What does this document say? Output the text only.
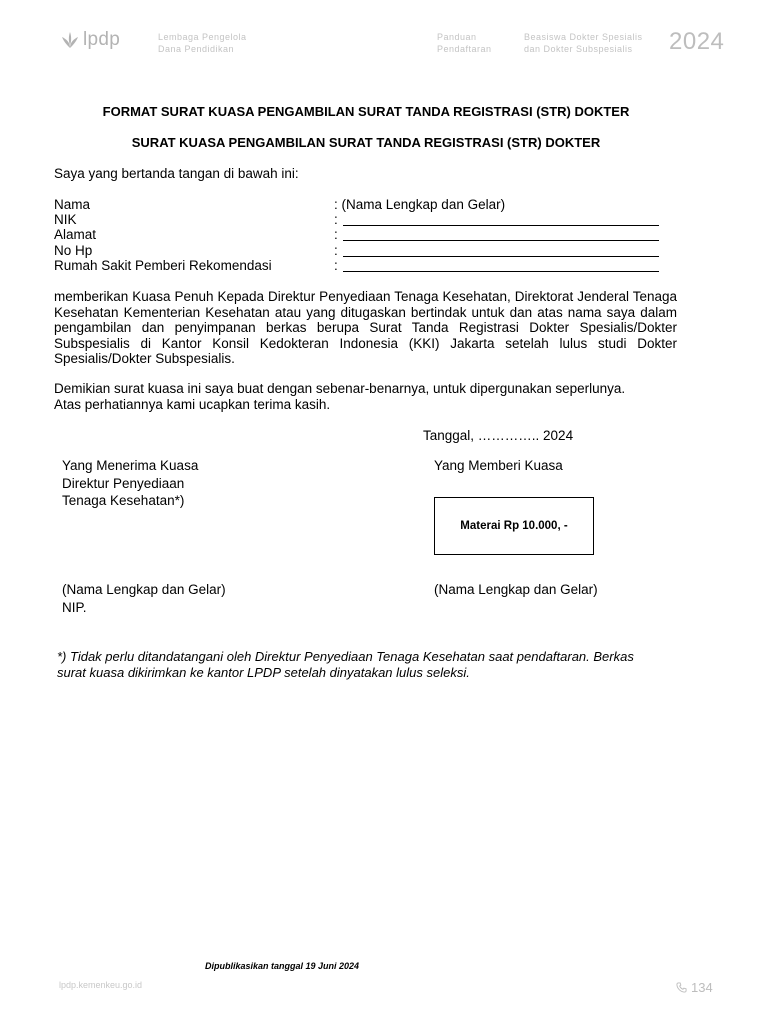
lpdp	Lembaga Pengelola
Dana Pendidikan
Panduan
Pendaftaran
Beasiswa Dokter Spesialis
dan Dokter Subspesialis	2024
FORMAT SURAT KUASA PENGAMBILAN SURAT TANDA REGISTRASI (STR) DOKTER
SURAT KUASA PENGAMBILAN SURAT TANDA REGISTRASI (STR) DOKTER
Saya yang bertanda tangan di bawah ini:
Nama	: (Nama Lengkap dan Gelar)
NIK	:
Alamat	:
No Hp	:
Rumah Sakit Pemberi Rekomendasi	:
memberikan Kuasa Penuh Kepada Direktur Penyediaan Tenaga Kesehatan, Direktorat Jenderal Tenaga Kesehatan Kementerian Kesehatan atau yang ditugaskan bertindak untuk dan atas nama saya dalam pengambilan dan penyimpanan berkas berupa Surat Tanda Registrasi Dokter Spesialis/Dokter Subspesialis di Kantor Konsil Kedokteran Indonesia (KKI) Jakarta setelah lulus studi Dokter Spesialis/Dokter Subspesialis.
Demikian surat kuasa ini saya buat dengan sebenar-benarnya, untuk dipergunakan seperlunya.
Atas perhatiannya kami ucapkan terima kasih.
Tanggal, ………….. 2024
Yang Menerima Kuasa
Direktur Penyediaan
Tenaga Kesehatan*)
Yang Memberi Kuasa
Materai Rp 10.000, -
(Nama Lengkap dan Gelar)
NIP.
(Nama Lengkap dan Gelar)
*) Tidak perlu ditandatangani oleh Direktur Penyediaan Tenaga Kesehatan saat pendaftaran. Berkas
surat kuasa dikirimkan ke kantor LPDP setelah dinyatakan lulus seleksi.
Dipublikasikan tanggal 19 Juni 2024
lpdp.kemenkeu.go.id	134
